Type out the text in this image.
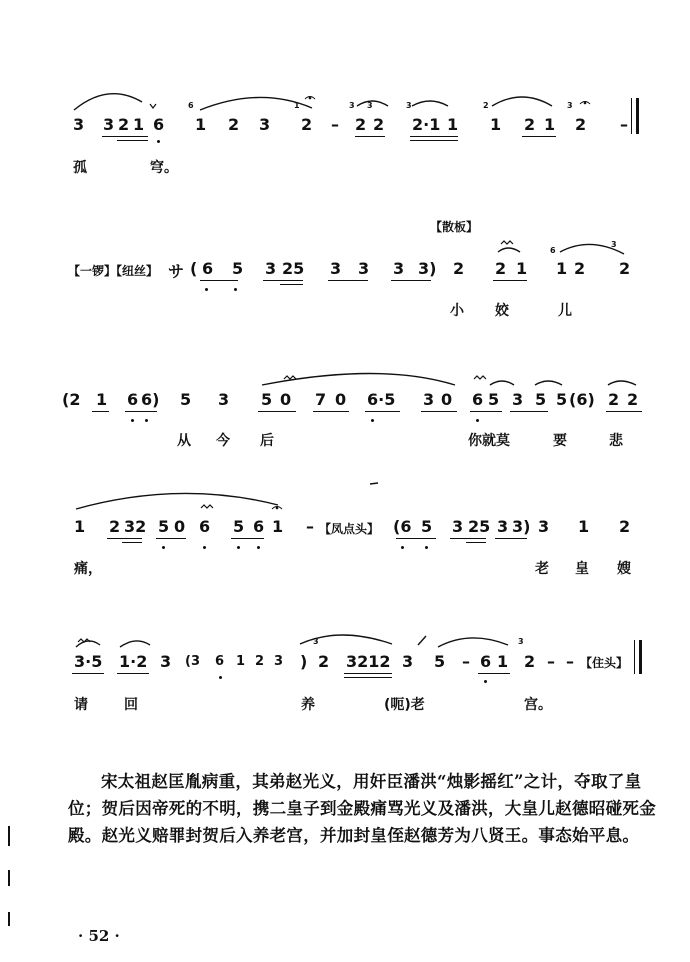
3 3 2 1 6 1 2 3 2 – 2 2 2·1 1 1 2 1 2 –
6	1	3 3	3	2	3
孤	穹。
【散板】
【一锣】【纽丝】 サ ( 6 5 3 25 3 3 3 3) 2 2 1 1 2 2
6
3
小 姣	儿
(2 1 6 6) 5 3 5 0 7 0 6·5 3 0 6 5 3 5 5 (6) 2 2
从 今 后	你就莫	要	悲
1 2 32 5 0 6 5 6 1 – 【凤点头】 (6 5 3 25 3 3) 3 1 2
痛，	老 皇 嫂
3·5 1·2 3 (3 6 1 2 3 ) 2 3212 3 5 – 6 1 2 – – 【住头】
3	3
请	回	养	(呃)老	宫。
宋太祖赵匡胤病重，其弟赵光义，用奸臣潘洪“烛影摇红”之计，夺取了皇位；贺后因帝死的不明，携二皇子到金殿痛骂光义及潘洪，大皇儿赵德昭碰死金殿。赵光义赔罪封贺后入养老宫，并加封皇侄赵德芳为八贤王。事态始平息。
· 52 ·
